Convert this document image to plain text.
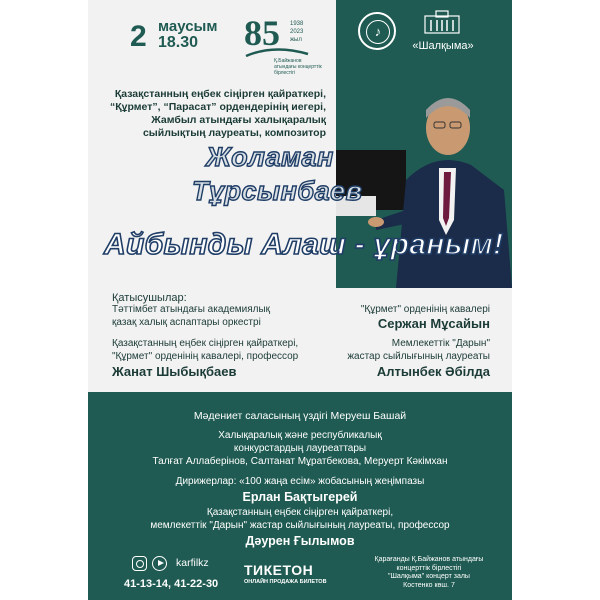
2 маусым
18.30 85 1938
2023
жыл
Қ.Байжанов атындағы концерттік бірлестігі
♪
«Шалқыма»
Қазақстанның еңбек сіңірген қайраткері,
“Құрмет”, “Парасат” ордендерінің иегері,
Жамбыл атындағы халықаралық
сыйлықтың лауреаты, композитор
Жоламан
Тұрсынбаев
Айбынды Алаш - ұраным!
Қатысушылар:
Тәттімбет атындағы академиялық
қазақ халық аспаптары оркестрі
Қазақстанның еңбек сіңірген қайраткері,
"Құрмет" орденінің кавалері, профессор
Жанат Шыбықбаев
"Құрмет" орденінің кавалері
Сержан Мұсайын
Мемлекеттік "Дарын"
жастар сыйлығының лауреаты
Алтынбек Әбілда
Мәдениет саласының үздігі Меруеш Башай
Халықаралық және республикалық
конкурстардың лауреаттары
Талғат Аллаберінов, Салтанат Мұратбекова, Меруерт Кәкімхан
Дирижерлар: «100 жаңа есім» жобасының жеңімпазы
Ерлан Бақтыгерей
Қазақстанның еңбек сіңірген қайраткері,
мемлекеттік "Дарын" жастар сыйлығының лауреаты, профессор
Дәурен Ғылымов
karfilkz
41-13-14, 41-22-30
ТИКЕТОН
ОНЛАЙН ПРОДАЖА БИЛЕТОВ
Қарағанды Қ.Байжанов атындағы
концерттік бірлестігі
"Шалқыма" концерт залы
Костенко көш. 7
